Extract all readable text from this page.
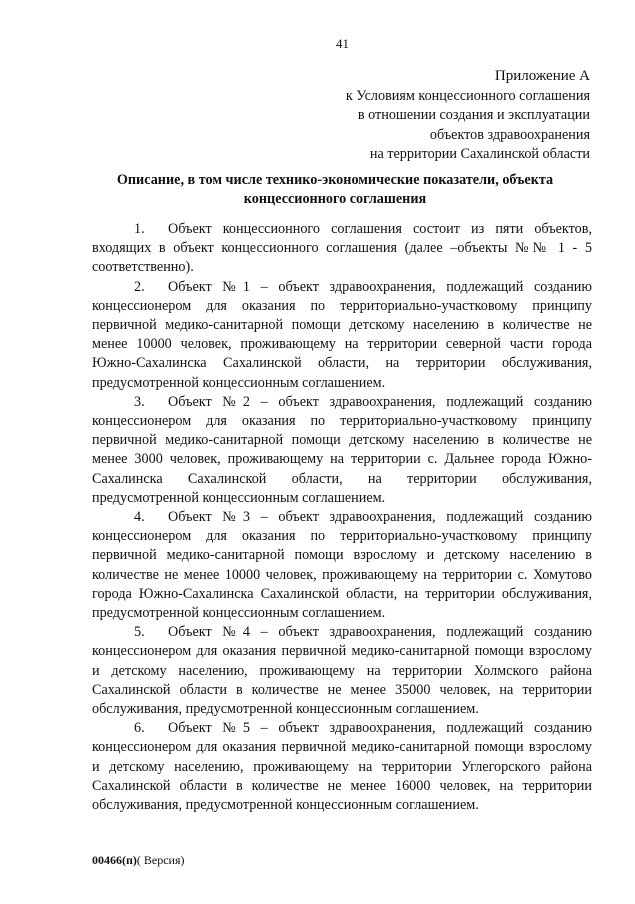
41
Приложение А
к Условиям концессионного соглашения
в отношении создания и эксплуатации
объектов здравоохранения
на территории Сахалинской области
Описание, в том числе технико-экономические показатели, объекта
концессионного соглашения

1. Объект концессионного соглашения состоит из пяти объектов, входящих в объект концессионного соглашения (далее –объекты №№ 1 - 5 соответственно).

2. Объект №1 – объект здравоохранения, подлежащий созданию концессионером для оказания по территориально-участковому принципу первичной медико-санитарной помощи детскому населению в количестве не менее 10000 человек, проживающему на территории северной части города Южно-Сахалинска Сахалинской области, на территории обслуживания, предусмотренной концессионным соглашением.

3. Объект №2 – объект здравоохранения, подлежащий созданию концессионером для оказания по территориально-участковому принципу первичной медико-санитарной помощи детскому населению в количестве не менее 3000 человек, проживающему на территории с. Дальнее города Южно-Сахалинска Сахалинской области, на территории обслуживания, предусмотренной концессионным соглашением.

4. Объект №3 – объект здравоохранения, подлежащий созданию концессионером для оказания по территориально-участковому принципу первичной медико-санитарной помощи взрослому и детскому населению в количестве не менее 10000 человек, проживающему на территории с. Хомутово города Южно-Сахалинска Сахалинской области, на территории обслуживания, предусмотренной концессионным соглашением.

5. Объект №4 – объект здравоохранения, подлежащий созданию концессионером для оказания первичной медико-санитарной помощи взрослому и детскому населению, проживающему на территории Холмского района Сахалинской области в количестве не менее 35000 человек, на территории обслуживания, предусмотренной концессионным соглашением.

6. Объект №5 – объект здравоохранения, подлежащий созданию концессионером для оказания первичной медико-санитарной помощи взрослому и детскому населению, проживающему на территории Углегорского района Сахалинской области в количестве не менее 16000 человек, на территории обслуживания, предусмотренной концессионным соглашением.

00466(п)( Версия)
